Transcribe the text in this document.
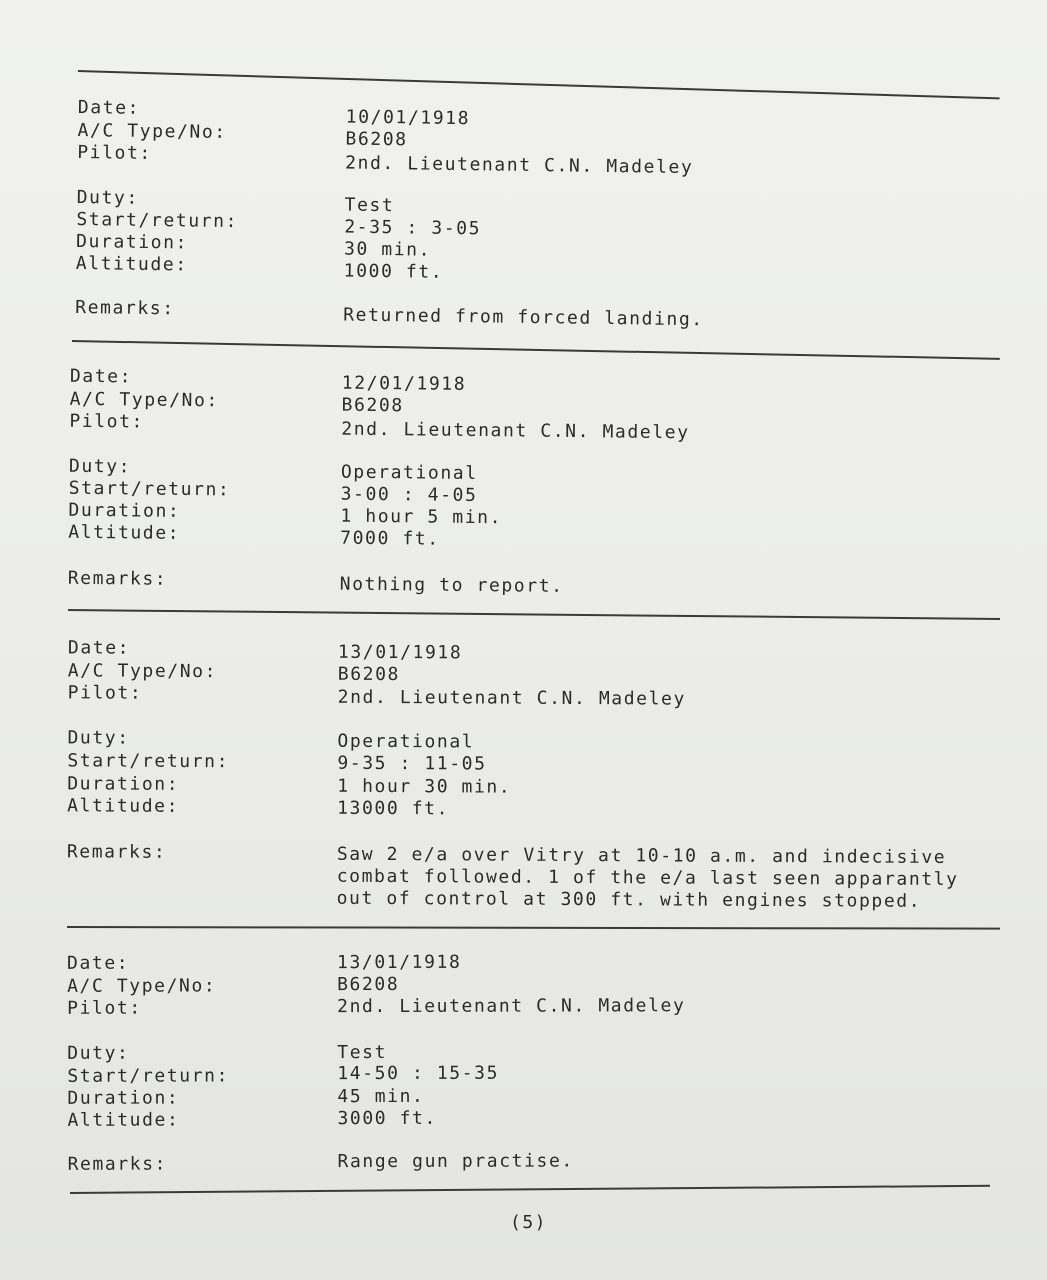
Date:
A/C Type/No:
Pilot:
Duty:
Start/return:
Duration:
Altitude:
Remarks:
10/01/1918
B6208
2nd. Lieutenant C.N. Madeley
Test
2-35 : 3-05
30 min.
1000 ft.
Returned from forced landing.
Date:
A/C Type/No:
Pilot:
Duty:
Start/return:
Duration:
Altitude:
Remarks:
12/01/1918
B6208
2nd. Lieutenant C.N. Madeley
Operational
3-00 : 4-05
1 hour 5 min.
7000 ft.
Nothing to report.
Date:
A/C Type/No:
Pilot:
Duty:
Start/return:
Duration:
Altitude:
Remarks:
13/01/1918
B6208
2nd. Lieutenant C.N. Madeley
Operational
9-35 : 11-05
1 hour 30 min.
13000 ft.
Saw 2 e/a over Vitry at 10-10 a.m. and indecisive
combat followed. 1 of the e/a last seen apparantly
out of control at 300 ft. with engines stopped.
Date:
A/C Type/No:
Pilot:
Duty:
Start/return:
Duration:
Altitude:
Remarks:
13/01/1918
B6208
2nd. Lieutenant C.N. Madeley
Test
14-50 : 15-35
45 min.
3000 ft.
Range gun practise.
(5)
